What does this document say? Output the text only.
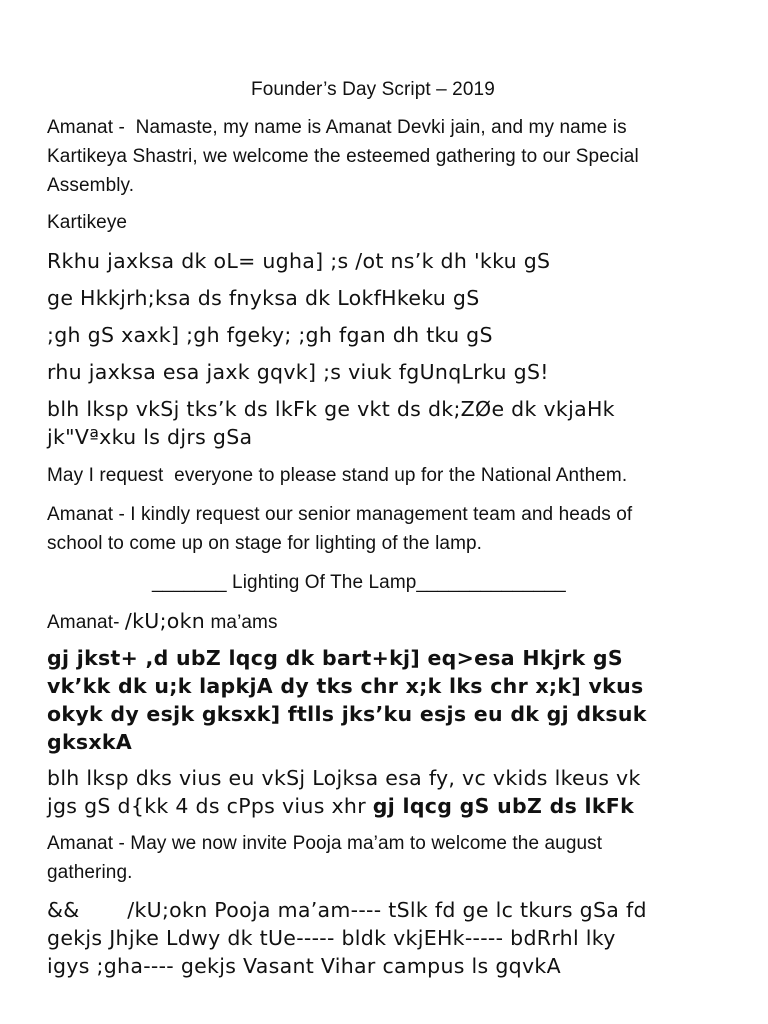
Founder’s Day Script – 2019
Amanat -  Namaste, my name is Amanat Devki jain, and my name is
Kartikeya Shastri, we welcome the esteemed gathering to our Special
Assembly.
Kartikeye
Rkhu jaxksa dk oL= ugha] ;s /ot ns’k dh 'kku gS
ge Hkkjrh;ksa ds fnyksa dk LokfHkeku gS
;gh gS xaxk] ;gh fgeky; ;gh fgan dh tku gS
rhu jaxksa esa jaxk gqvk] ;s viuk fgUnqLrku gS!
blh lksp vkSj tks’k ds lkFk ge vkt ds dk;ZØe dk vkjaHk
jk"Vªxku ls djrs gSa
May I request  everyone to please stand up for the National Anthem.
Amanat - I kindly request our senior management team and heads of
school to come up on stage for lighting of the lamp.
_______ Lighting Of The Lamp______________
Amanat- /kU;okn ma’ams
gj jkst+ ,d ubZ lqcg dk bart+kj] eq>esa Hkjrk gS
vk’kk dk u;k lapkjA dy tks chr x;k lks chr x;k] vkus
okyk dy esjk gksxk] ftlls jks’ku esjs eu dk gj dksuk
gksxkA
blh lksp dks vius eu vkSj Lojksa esa fy, vc vkids lkeus vk
jgs gS d{kk 4 ds cPps vius xhr gj lqcg gS ubZ ds lkFk
Amanat - May we now invite Pooja ma’am to welcome the august
gathering.
&&       /kU;okn Pooja ma’am---- tSlk fd ge lc tkurs gSa fd
gekjs Jhjke Ldwy dk tUe----- bldk vkjEHk----- bdRrhl lky
igys ;gha---- gekjs Vasant Vihar campus ls gqvkA
